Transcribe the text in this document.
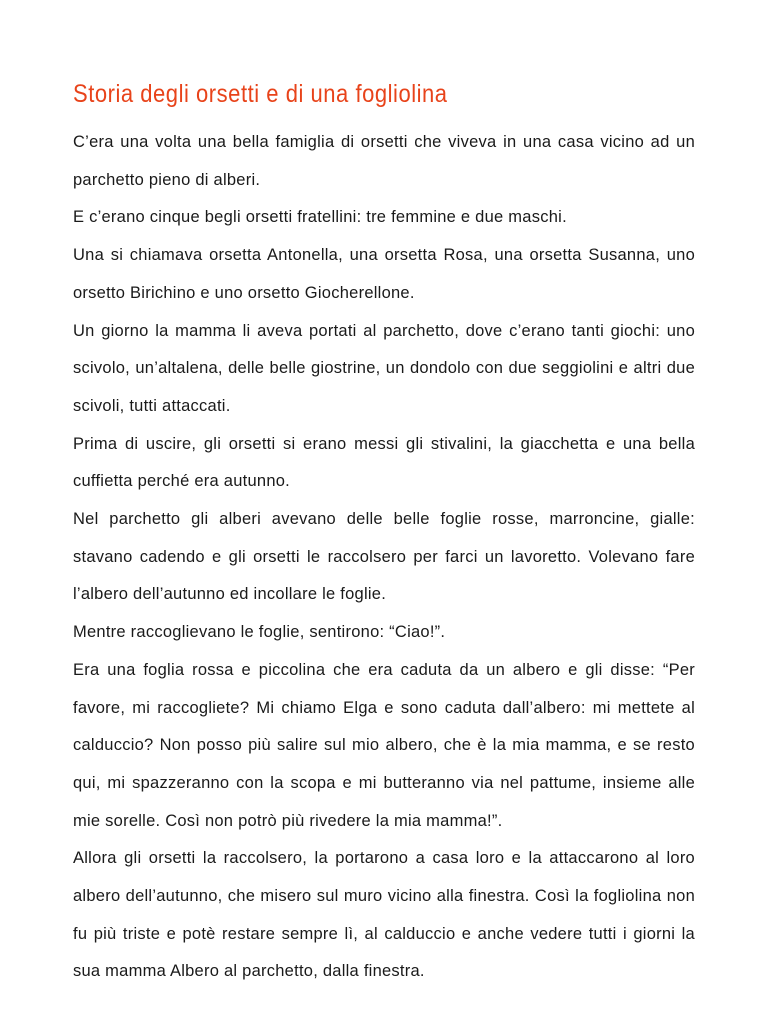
Storia degli orsetti e di una fogliolina

C’era una volta una bella famiglia di orsetti che viveva in una casa vicino ad un parchetto pieno di alberi.

E c’erano cinque begli orsetti fratellini: tre femmine e due maschi.

Una si chiamava orsetta Antonella, una orsetta Rosa, una orsetta Susanna, uno orsetto Birichino e uno orsetto Giocherellone.

Un giorno la mamma li aveva portati al parchetto, dove c’erano tanti giochi: uno scivolo, un’altalena, delle belle giostrine, un dondolo con due seggiolini e altri due scivoli, tutti attaccati.

Prima di uscire, gli orsetti si erano messi gli stivalini, la giacchetta e una bella cuffietta perché era autunno.

Nel parchetto gli alberi avevano delle belle foglie rosse, marroncine, gialle: stavano cadendo e gli orsetti le raccolsero per farci un lavoretto. Volevano fare l’albero dell’autunno ed incollare le foglie.

Mentre raccoglievano le foglie, sentirono: “Ciao!”.

Era una foglia rossa e piccolina che era caduta da un albero e gli disse: “Per favore, mi raccogliete? Mi chiamo Elga e sono caduta dall’albero: mi mettete al calduccio? Non posso più salire sul mio albero, che è la mia mamma, e se resto qui, mi spazzeranno con la scopa e mi butteranno via nel pattume, insieme alle mie sorelle. Così non potrò più rivedere la mia mamma!”.

Allora gli orsetti la raccolsero, la portarono a casa loro e la attaccarono al loro albero dell’autunno, che misero sul muro vicino alla finestra. Così la fogliolina non fu più triste e potè restare sempre lì, al calduccio e anche vedere tutti i giorni la sua mamma Albero al parchetto, dalla finestra.
